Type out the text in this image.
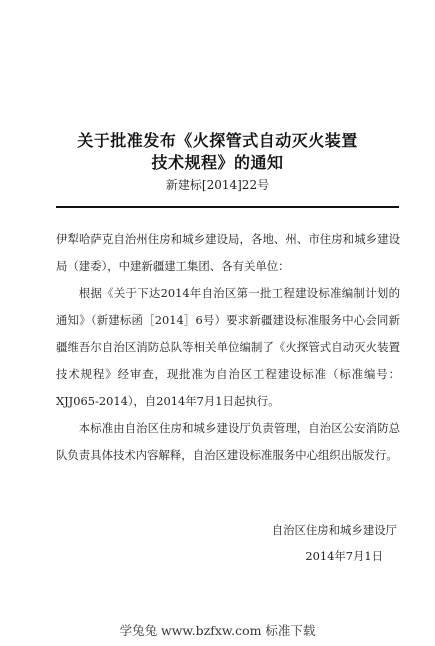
关于批准发布《火探管式自动灭火装置
技术规程》的通知
新建标[2014]22号

伊犁哈萨克自治州住房和城乡建设局，各地、州、市住房和城乡建设局（建委），中建新疆建工集团、各有关单位：

根据《关于下达2014年自治区第一批工程建设标准编制计划的通知》（新建标函［2014］6号）要求新疆建设标准服务中心会同新疆维吾尔自治区消防总队等相关单位编制了《火探管式自动灭火装置技术规程》经审查，现批准为自治区工程建设标准（标准编号：XJJ065-2014），自2014年7月1日起执行。

本标准由自治区住房和城乡建设厅负责管理，自治区公安消防总队负责具体技术内容解释，自治区建设标准服务中心组织出版发行。

自治区住房和城乡建设厅
2014年7月1日
学兔兔 www.bzfxw.com 标准下载
